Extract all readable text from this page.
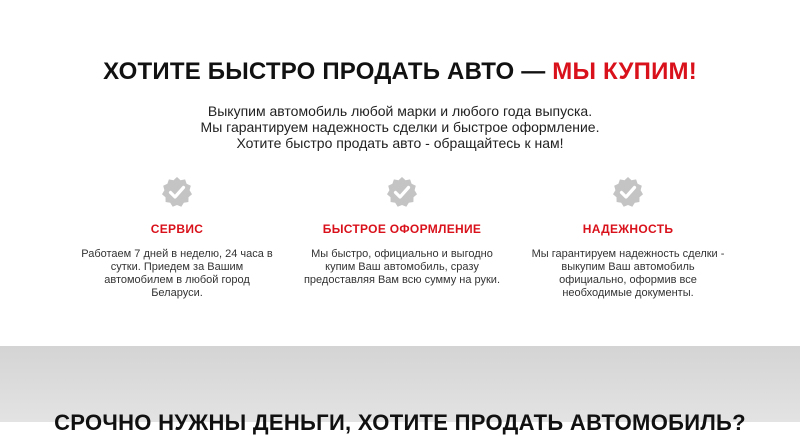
ХОТИТЕ БЫСТРО ПРОДАТЬ АВТО — МЫ КУПИМ!
Выкупим автомобиль любой марки и любого года выпуска.
Мы гарантируем надежность сделки и быстрое оформление.
Хотите быстро продать авто - обращайтесь к нам!
СЕРВИС
Работаем 7 дней в неделю, 24 часа в сутки. Приедем за Вашим автомобилем в любой город Беларуси.
БЫСТРОЕ ОФОРМЛЕНИЕ
Мы быстро, официально и выгодно купим Ваш автомобиль, сразу предоставляя Вам всю сумму на руки.
НАДЕЖНОСТЬ
Мы гарантируем надежность сделки - выкупим Ваш автомобиль официально, оформив все необходимые документы.
СРОЧНО НУЖНЫ ДЕНЬГИ, ХОТИТЕ ПРОДАТЬ АВТОМОБИЛЬ?
